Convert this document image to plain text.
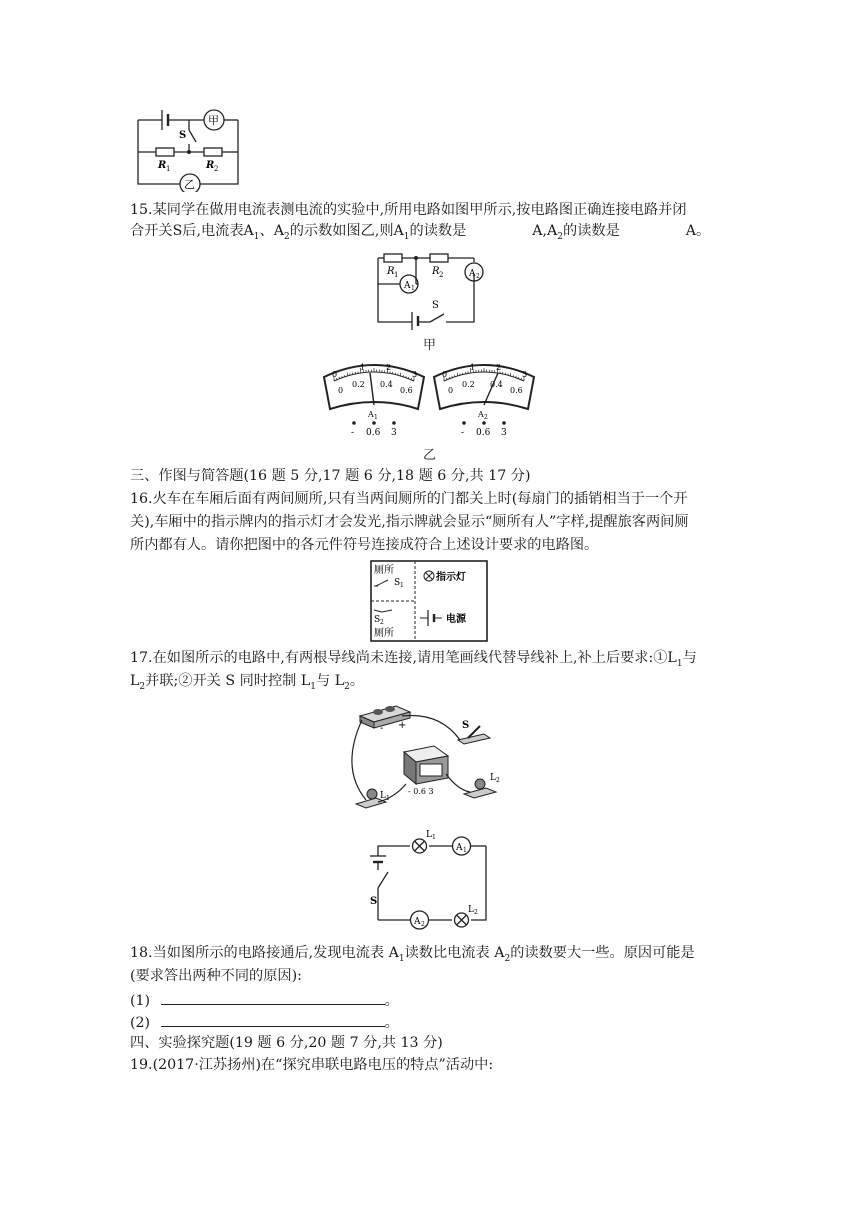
甲
乙
S
R 1	R 2
15.某同学在做用电流表测电流的实验中,所用电路如图甲所示,按电路图正确连接电路并闭
合开关S后,电流表$A_1$、$A_2$的示数如图乙,则$A_1$的读数是	$A,A_2$的读数是	A。
R 1	R 2
A 1
A 2
S
甲
0
1	2
3
0
0.2 0.4
0.6
A 1
- 0.6 3
0
1	2
3
0
0.2 0.4
0.6
A 2
- 0.6 3
乙
三、作图与简答题(16 题 5 分,17 题 6 分,18 题 6 分,共 17 分)
16.火车在车厢后面有两间厕所,只有当两间厕所的门都关上时(每扇门的插销相当于一个开
关),车厢中的指示牌内的指示灯才会发光,指示牌就会显示“厕所有人”字样,提醒旅客两间厕
所内都有人。请你把图中的各元件符号连接成符合上述设计要求的电路图。
厕所
S 1
指示灯
S 2
厕所
电源
17.在如图所示的电路中,有两根导线尚未连接,请用笔画线代替导线补上,补上后要求$:①L_1$与
$L_2$并联;②开关 S 同时控制 $L_1$与 $L_2$。
- +	S
- 0.6 3
L 1
L 2
L 1
A 1
S
A 2
L 2
18.当如图所示的电路接通后,发现电流表 $A_1$读数比电流表 $A_2$的读数要大一些。原因可能是
(要求答出两种不同的原因):
(1)	。
(2)	。
四、实验探究题(19 题 6 分,20 题 7 分,共 13 分)
19.(2017·江苏扬州)在“探究串联电路电压的特点”活动中:
